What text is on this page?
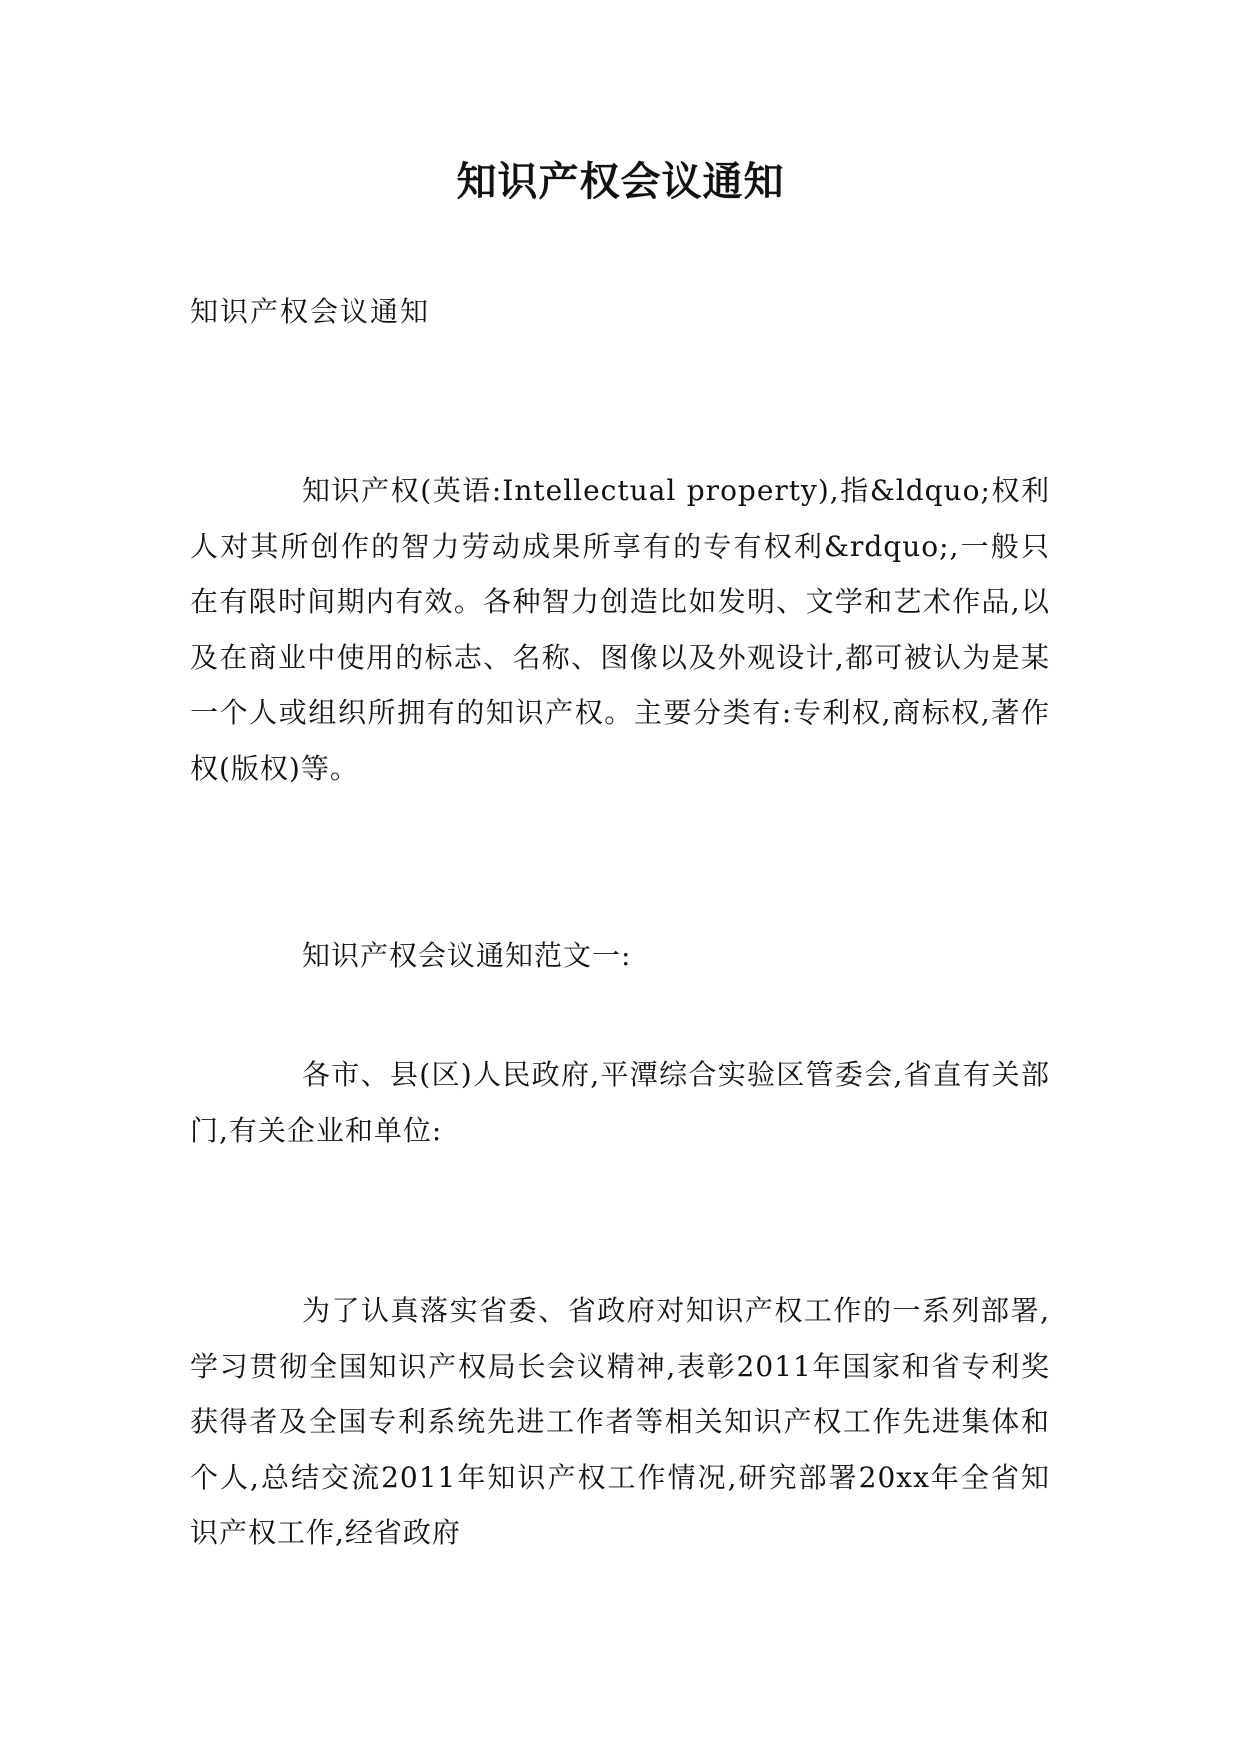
知识产权会议通知
知识产权会议通知
知识产权(英语:Intellectual property),指&ldquo;权利人对其所创作的智力劳动成果所享有的专有权利&rdquo;,一般只在有限时间期内有效。各种智力创造比如发明、文学和艺术作品,以及在商业中使用的标志、名称、图像以及外观设计,都可被认为是某一个人或组织所拥有的知识产权。主要分类有:专利权,商标权,著作权(版权)等。
知识产权会议通知范文一:
各市、县(区)人民政府,平潭综合实验区管委会,省直有关部门,有关企业和单位:
为了认真落实省委、省政府对知识产权工作的一系列部署,学习贯彻全国知识产权局长会议精神,表彰2011年国家和省专利奖获得者及全国专利系统先进工作者等相关知识产权工作先进集体和个人,总结交流2011年知识产权工作情况,研究部署20xx年全省知识产权工作,经省政府
